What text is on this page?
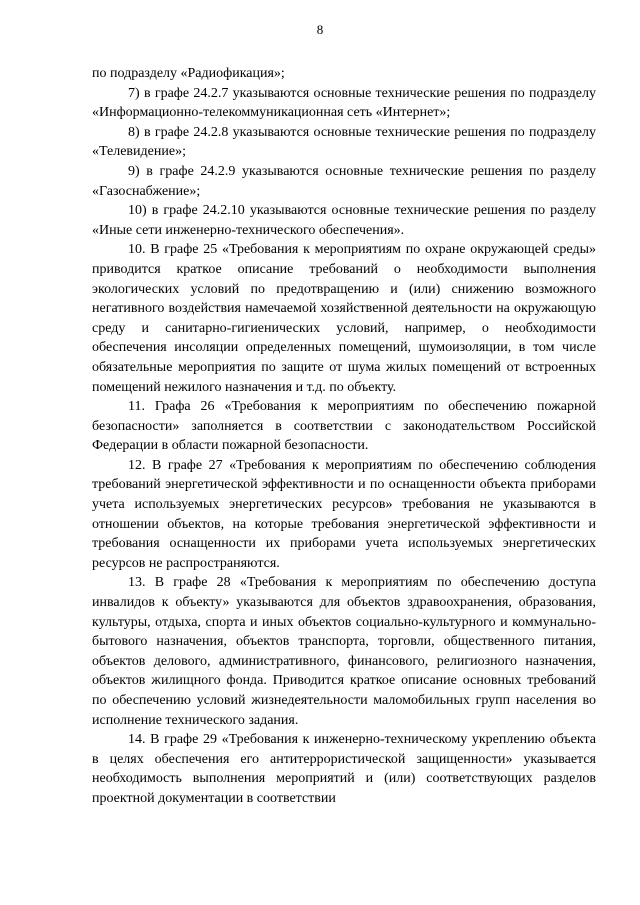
8

по подразделу «Радиофикация»;

7) в графе 24.2.7 указываются основные технические решения по подразделу «Информационно-телекоммуникационная сеть «Интернет»;

8) в графе 24.2.8 указываются основные технические решения по подразделу «Телевидение»;

9) в графе 24.2.9 указываются основные технические решения по разделу «Газоснабжение»;

10) в графе 24.2.10 указываются основные технические решения по разделу «Иные сети инженерно-технического обеспечения».

10. В графе 25 «Требования к мероприятиям по охране окружающей среды» приводится краткое описание требований о необходимости выполнения экологических условий по предотвращению и (или) снижению возможного негативного воздействия намечаемой хозяйственной деятельности на окружающую среду и санитарно-гигиенических условий, например, о необходимости обеспечения инсоляции определенных помещений, шумоизоляции, в том числе обязательные мероприятия по защите от шума жилых помещений от встроенных помещений нежилого назначения и т.д. по объекту.

11. Графа 26 «Требования к мероприятиям по обеспечению пожарной безопасности» заполняется в соответствии с законодательством Российской Федерации в области пожарной безопасности.

12. В графе 27 «Требования к мероприятиям по обеспечению соблюдения требований энергетической эффективности и по оснащенности объекта приборами учета используемых энергетических ресурсов» требования не указываются в отношении объектов, на которые требования энергетической эффективности и требования оснащенности их приборами учета используемых энергетических ресурсов не распространяются.

13. В графе 28 «Требования к мероприятиям по обеспечению доступа инвалидов к объекту» указываются для объектов здравоохранения, образования, культуры, отдыха, спорта и иных объектов социально-культурного и коммунально-бытового назначения, объектов транспорта, торговли, общественного питания, объектов делового, административного, финансового, религиозного назначения, объектов жилищного фонда. Приводится краткое описание основных требований по обеспечению условий жизнедеятельности маломобильных групп населения во исполнение технического задания.

14. В графе 29 «Требования к инженерно-техническому укреплению объекта в целях обеспечения его антитеррористической защищенности» указывается необходимость выполнения мероприятий и (или) соответствующих разделов проектной документации в соответствии
